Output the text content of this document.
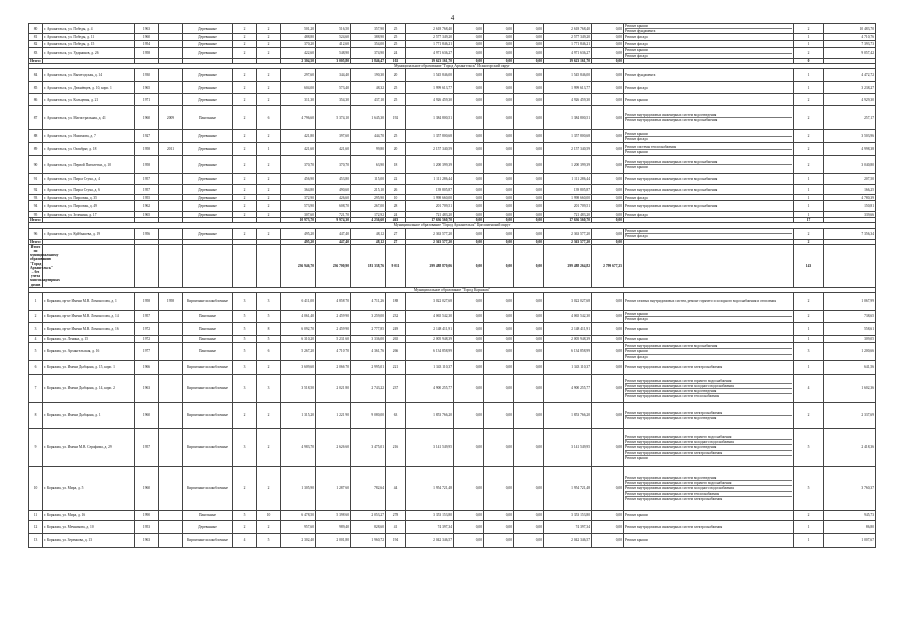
4
80	г. Архангельск, ул. Победы, д. 4	1963		Деревянные	2	2	501,20	516,50	357,90	25	2 618 768,40	0,00	0,00	0,00	2 618 768,40	0,00	Ремонт крыши
Ремонт фундамента	2	10 483,70
81	г. Архангельск, ул. Победы, д. 11	1960		Деревянные	2	2	488,80	524,60	388,90	25	2 577 349,20	0,00	0,00	0,00	2 577 349,20	0,00	Ремонт фасада	1	4 710,76
82	г. Архангельск, ул. Победы, д. 15	1954		Деревянные	2	2	370,20	412,60	354,00	25	1 771 846,21	0,00	0,00	0,00	1 771 846,21	0,00	Ремонт фасада	1	7 393,73
83	г. Архангельск, ул. Ударников, д. 26	1958		Деревянные	2	2	422,60	548,90	374,90	24	4 971 636,27	0,00	0,00	0,00	4 971 636,27	0,00	Ремонт крыши
Ремонт фасада	2	9 057,42
Итого:							2 304,50	3 005,80	1 846,47	102	19 623 161,70	0,00	0,00	0,00	19 623 161,70	0,00		0	
Муниципальное образование "Город Архангельск" Исакогорский округ																			
84	г. Архангельск, ул. Вычегодская, д. 14	1930		Деревянные	2	2	297,60	344,40	190,30	20	1 545 846,00	0,00	0,00	0,00	1 545 846,00	0,00	Ремонт фундамента	1	4 472,72
85	г. Архангельск, ул. Дежнёвцев, д. 10, корп. 1	1965		Деревянные	2	2	604,00	573,40	48,32	25	1 999 613,77	0,00	0,00	0,00	1 999 613,77	0,00	Ремонт фасада	1	3 238,27
86	г. Архангельск, ул. Кольцевая, д. 21	1971		Деревянные	2	2	311,30	354,30	437,10	25	4 926 459,30	0,00	0,00	0,00	4 926 459,30	0,00	Ремонт крыши	2	4 929,30
87	г. Архангельск, ул. Магистральная, д. 41	1960	2009	Панельные	2	6	4 796,60	5 374,10	1 645,30	192	1 384 800,51	0,00	0,00	0,00	1 384 800,51	0,00	Ремонт внутридомовых инженерных систем водоотведения
Ремонт внутридомовых инженерных систем водоснабжения	2	257,17
88	г. Архангельск, ул. Нахимова, д. 7	1927		Деревянные	2	2	421,80	397,60	444,70	25	1 357 800,68	0,00	0,00	0,00	1 357 800,68	0,00	Ремонт крыши
Ремонт фасада	2	3 503,96
89	г. Архангельск, ул. Октябрят, д. 18	1958	2011	Деревянные	2	1	421,60	421,60	99,80	20	2 157 340,59	0,00	0,00	0,00	2 157 340,59	0,00	Ремонт системы теплоснабжения
Ремонт крыши	2	4 998,38
90	г. Архангельск, ул. Первой Пятилетки, д. 10	1958		Деревянные	2	2	370,70	370,70	63,90	18	1 200 399,39	0,00	0,00	0,00	1 200 399,39	0,00	Ремонт внутридомовых инженерных систем водоснабжения
Ремонт крыши	2	3 040,80
91	г. Архангельск, ул. Пирса Стука, д. 4	1957		Деревянные	2	2	456,90	453,80	115,00	22	1 111 286,44	0,00	0,00	0,00	1 111 286,44	0,00	Ремонт внутридомовых инженерных систем водоснабжения	1	207,50
92	г. Архангельск, ул. Пирса Стука, д. 6	1957		Деревянные	2	2	364,80	490,60	215,10	26	139 805,87	0,00	0,00	0,00	139 805,87	0,00	Ремонт внутридомовых инженерных систем водоснабжения	1	166,25
93	г. Архангельск, ул. Пирсовая, д. 35	1955		Деревянные	2	2	372,90	426,60	295,90	10	1 998 660,00	0,00	0,00	0,00	1 998 660,00	0,00	Ремонт фасада	1	4 780,39
94	г. Архангельск, ул. Пирсовая, д. 49	1962		Деревянные	2	2	573,90	608,70	267,00	28	201 709,51	0,00	0,00	0,00	201 709,51	0,00	Ремонт внутридомовых инженерных систем водоснабжения	1	150,81
95	г. Архангельск, ул. Зеленина, д. 17	1965		Деревянные	2	2	307,60	721,70	172,92	24	721 483,20	0,00	0,00	0,00	721 483,20	0,00	Ремонт фасада	1	339,66
Итого:							10 973,70	9 974,30	4 236,60	463	17 636 560,70	0,00	0,00	0,00	17 636 560,70	0,00		17	
Муниципальное образование "Город Архангельск" Цигломенский округ																			
96	г. Архангельск, ул. Куйбышева, д. 19	1956		Деревянные	2	2	495,20	447,40	48,12	27	2 363 577,20	0,00	0,00	0,00	2 363 577,20	0,00	Ремонт крыши
Ремонт фасада	2	7 356,34
Итого:							495,20	447,40	48,12	27	2 363 577,20	0,00	0,00	0,00	2 363 577,20	0,00		2	
Итого по муниципальному образованию "Город Архангельск" – без учета многоквартирных домов							236 946,70	236 700,90	181 338,76	9 011	299 488 870,06	0,00	0,00	0,00	299 488 264,82	2 799 677,25		143	
Муниципальное образование "Город Коряжма"																			
1	г. Коряжма, пр-кт Имени М.В. Ломоносова, д. 1	1958	1958	Кирпичные шлакоблочные	3	3	6 411,00	4 858 70	4 711,26	188	3 022 027,68	0,00	0,00	0,00	3 022 027,68	0,00	Ремонт газовых внутридомовых систем, ремонт горячего и холодного водоснабжения и отопления	2	1 067,99
2	г. Коряжма, пр-кт Имени М.В. Ломоносова, д. 14	1957		Панельные	5	5	4 061,40	2 459 90	3 259,00	232	4 065 542,30	0,00	0,00	0,00	4 065 542,30	0,00	Ремонт крыши
Ремонт фасада	2	738,65
3	г. Коряжма, пр-кт Имени М.В. Ломоносова, д. 16	1972		Панельные	5	8	6 092,70	2 459 90	2 777,85	249	2 148 411,91	0,00	0,00	0,00	2 148 411,91	0,00	Ремонт крыши	1	558,61
4	г. Коряжма, ул. Ленина, д. 15	1972		Панельные	5	5	6 310,20	5 231 60	3 336,00	265	2 005 948,39	0,00	0,00	0,00	2 005 948,39	0,00	Ремонт крыши	1	309,05
5	г. Коряжма, ул. Архангельская, д. 16	1977		Панельные	5	6	5 267,20	4 710 70	4 361,76	266	6 134 858,99	0,00	0,00	0,00	6 134 858,99	0,00	Ремонт внутридомовых инженерных систем водоснабжения
Ремонт крыши
Ремонт фасада	3	1 200,66
6	г. Коряжма, ул. Имени Дыбцына, д. 15, корп. 1	1966		Кирпичные шлакоблочные	3	2	3 609,60	2 066 70	2 995,01	221	1 343 110,37	0,00	0,00	0,00	1 343 110,37	0,00	Ремонт внутридомовых инженерных систем электроснабжения	1	641,56
7	г. Коряжма, ул. Имени Дыбцына, д. 14, корп. 2	1963		Кирпичные шлакоблочные	3	3	3 518,50	2 021 80	2 743,22	237	4 900 255,77	0,00	0,00	0,00	4 900 255,77	0,00	Ремонт внутридомовых инженерных систем горячего водоснабжения
Ремонт внутридомовых инженерных систем холодного водоснабжения
Ремонт внутридомовых инженерных систем водоотведения
Ремонт внутридомовых инженерных систем теплоснабжения	4	1 602,36
8	г. Коряжма, ул. Имени Дыбцына, д. 1	1960		Кирпичные шлакоблочные	2	2	1 315,20	1 221 90	9 080,00	63	1 853 766,20	0,00	0,00	0,00	1 853 766,20	0,00	Ремонт внутридомовых инженерных систем электроснабжения
Ремонт внутридомовых инженерных систем водоотведения	2	2 337,69
9	г. Коряжма, ул. Имени М.В. Серафима, д. 29	1957		Кирпичные шлакоблочные	3	2	4 983,70	2 626 60	3 475,01	216	3 141 549,95	0,00	0,00	0,00	3 141 549,95	0,00	Ремонт внутридомовых инженерных систем горячего водоснабжения
Ремонт внутридомовых инженерных систем холодного водоснабжения
Ремонт внутридомовых инженерных систем водоотведения
Ремонт внутридомовых инженерных систем электроснабжения
Ремонт крыши	5	2 418,36
10	г. Коряжма, ул. Мира, д. 5	1960		Кирпичные шлакоблочные	2	2	1 305,90	1 287 60	782,64	44	1 954 721,48	0,00	0,00	0,00	1 954 721,48	0,00	Ремонт внутридомовых инженерных систем водоотведения
Ремонт внутридомовых инженерных систем горячего водоснабжения
Ремонт внутридомовых инженерных систем холодного водоснабжения
Ремонт внутридомовых инженерных систем теплоснабжения
Ремонт внутридомовых инженерных систем электроснабжения	5	3 760,37
11	г. Коряжма, ул. Мира, д. 16	1990		Панельные	5	10	6 478,50	5 398 60	2 053,27	278	3 353 153,80	0,00	0,00	0,00	3 353 153,80	0,00	Ремонт крыши	2	945,73
12	г. Коряжма, ул. Мечникова, д. 10	1953		Деревянные	2	2	957,60	989,40	828,60	41	74 397,34	0,00	0,00	0,00	74 397,34	0,00	Ремонт внутридомовых инженерных систем электроснабжения	1	86,80
13	г. Коряжма, ул. Зеренкова, д. 13	1963		Кирпичные шлакоблочные	4	5	2 302,40	2 001,80	1 960,72	194	2 042 346,57	0,00	0,00	0,00	2 042 346,57	0,00	Ремонт крыши	1	1 007,67
